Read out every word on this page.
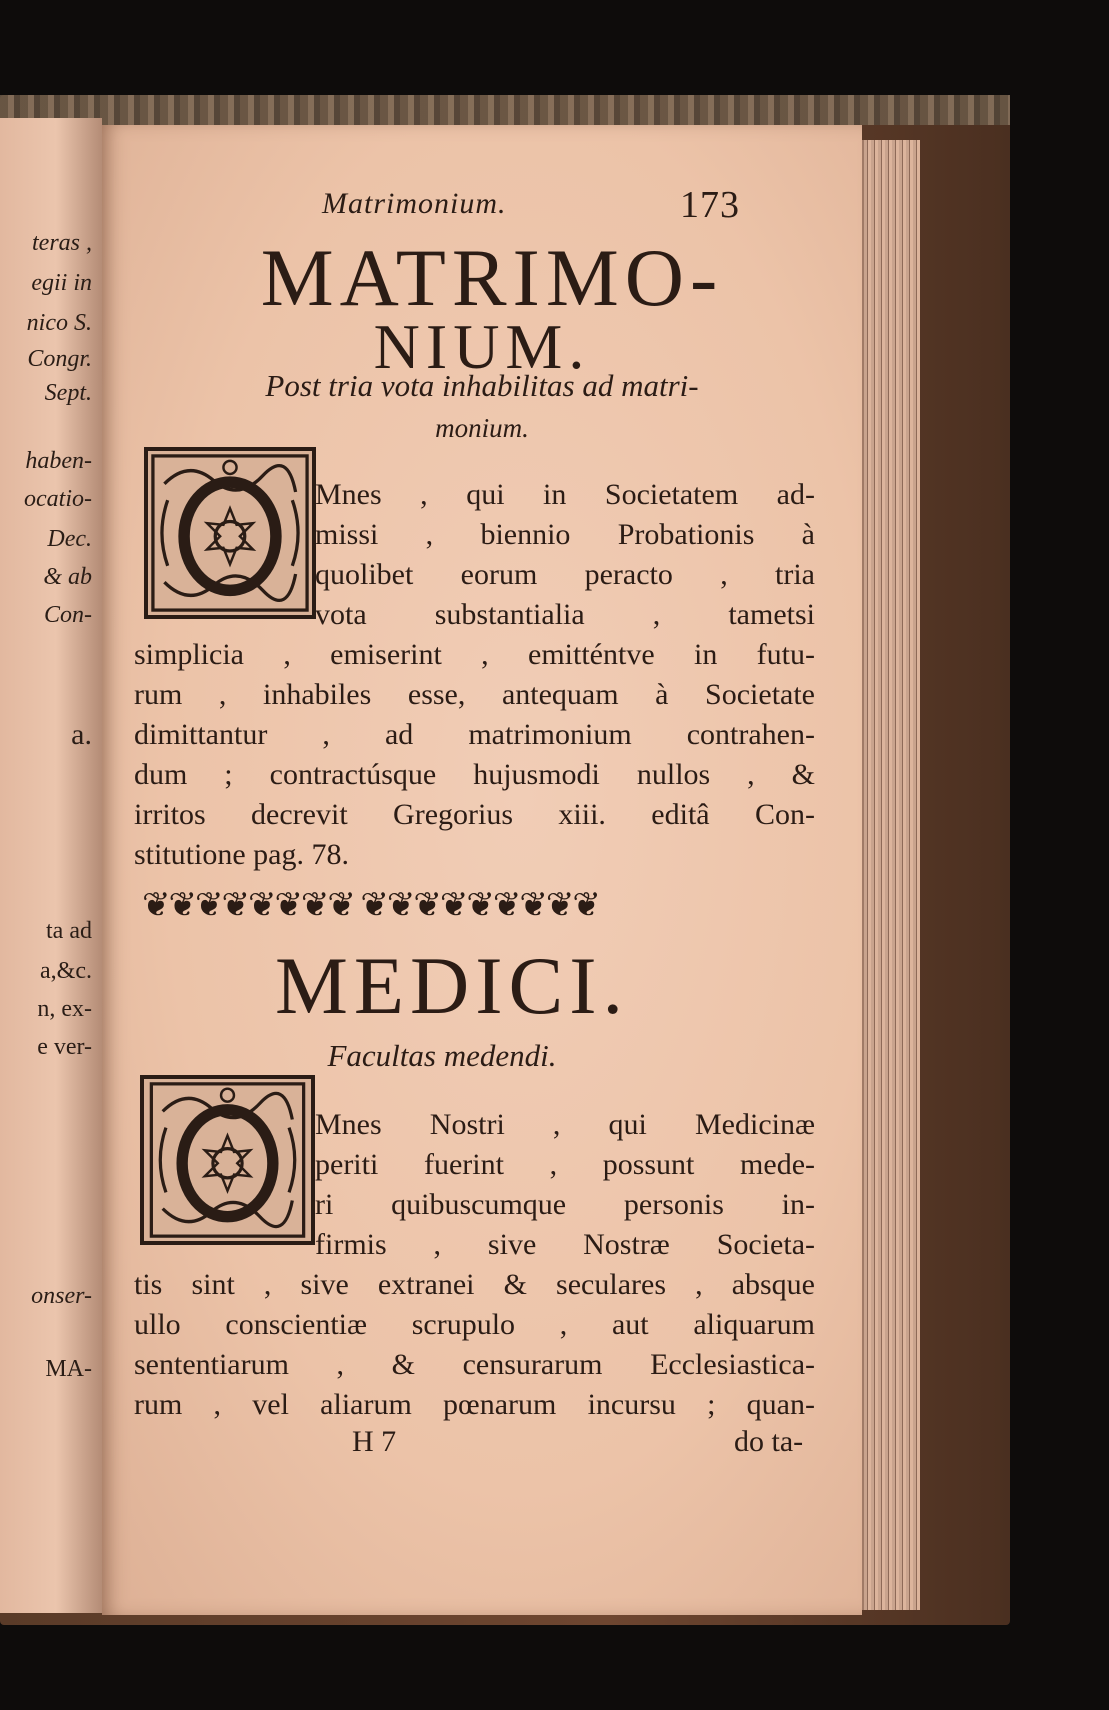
teras ,
egii in
nico S.
Congr.
Sept.
haben-
ocatio-
Dec.
& ab
Con-
a.
ta ad
a,&c.
n, ex-
e ver-
onser-
MA-
Matrimonium.	173
MATRIMO-
NIUM.
Post tria vota inhabilitas ad matri-
monium.
Mnes , qui in Societatem ad-
missi , biennio Probationis à
quolibet eorum peracto , tria
vota substantialia , tametsi
simplicia , emiserint , emitténtve in futu-
rum , inhabiles esse, antequam à Societate
dimittantur , ad matrimonium contrahen-
dum ; contractúsque hujusmodi nullos , &
irritos decrevit Gregorius xiii. editâ Con-
stitutione pag. 78.
❦❦❦❦❦❦❦❦ ❦❦❦❦❦❦❦❦❦
MEDICI.
Facultas medendi.
Mnes Nostri , qui Medicinæ
periti fuerint , possunt mede-
ri quibuscumque personis in-
firmis , sive Nostræ Societa-
tis sint , sive extranei & seculares , absque
ullo conscientiæ scrupulo , aut aliquarum
sententiarum , & censurarum Ecclesiastica-
rum , vel aliarum pœnarum incursu ; quan-
H 7	do ta-
